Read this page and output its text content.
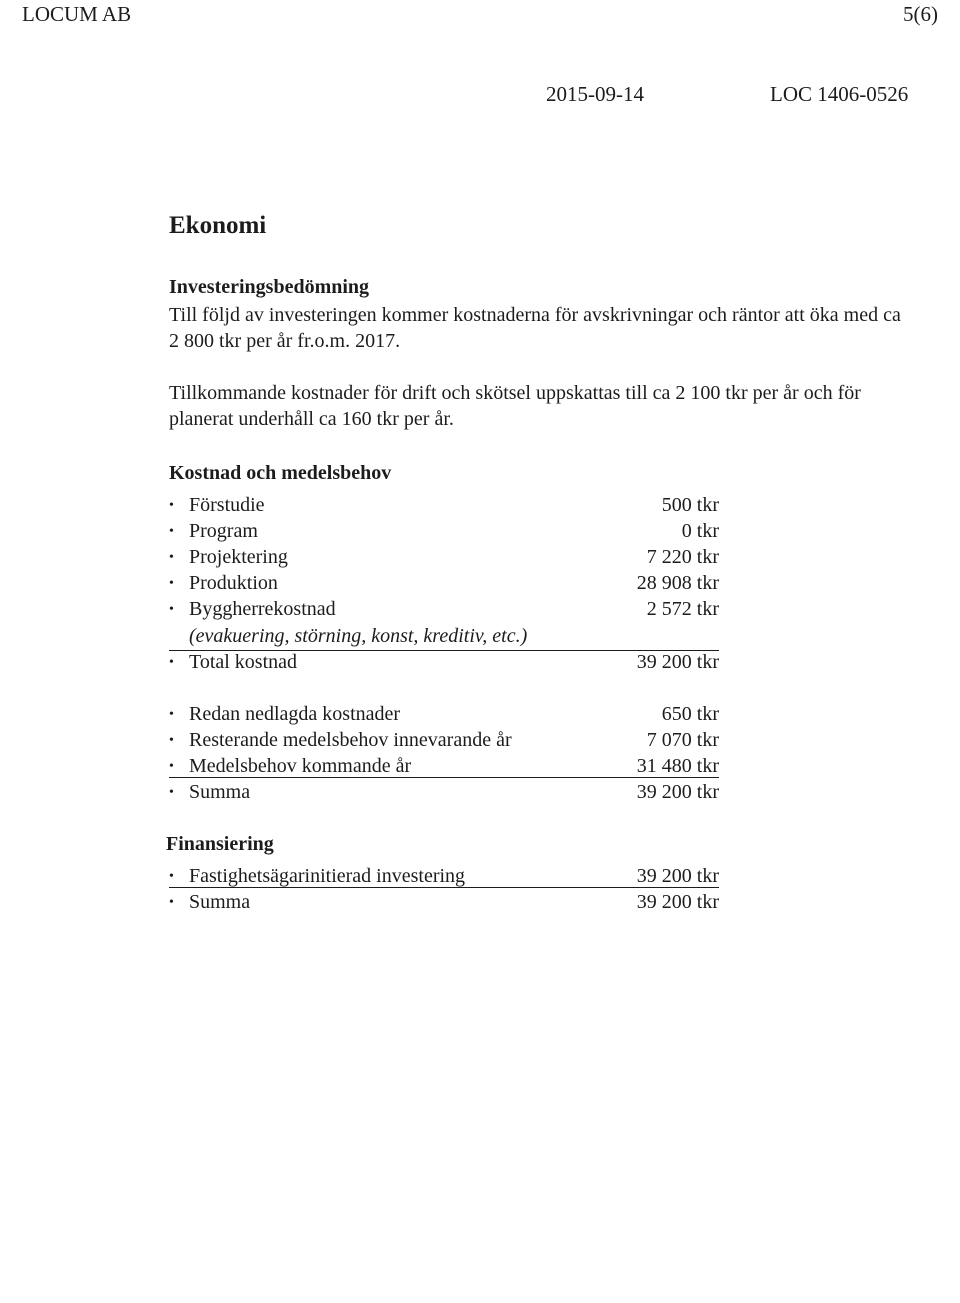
LOCUM AB	5(6)
2015-09-14	LOC 1406-0526
Ekonomi
Investeringsbedömning
Till följd av investeringen kommer kostnaderna för avskrivningar och räntor att öka med ca 2 800 tkr per år fr.o.m. 2017.
Tillkommande kostnader för drift och skötsel uppskattas till ca 2 100 tkr per år och för planerat underhåll ca 160 tkr per år.
Kostnad och medelsbehov
•
Förstudie	500 tkr
•
Program	0 tkr
•
Projektering	7 220 tkr
•
Produktion	28 908 tkr
•
Byggherrekostnad	2 572 tkr
(evakuering, störning, konst, kreditiv, etc.)
•
Total kostnad	39 200 tkr
•
Redan nedlagda kostnader	650 tkr
•
Resterande medelsbehov innevarande år	7 070 tkr
•
Medelsbehov kommande år	31 480 tkr
•
Summa	39 200 tkr
Finansiering
•
Fastighetsägarinitierad investering	39 200 tkr
•
Summa	39 200 tkr
